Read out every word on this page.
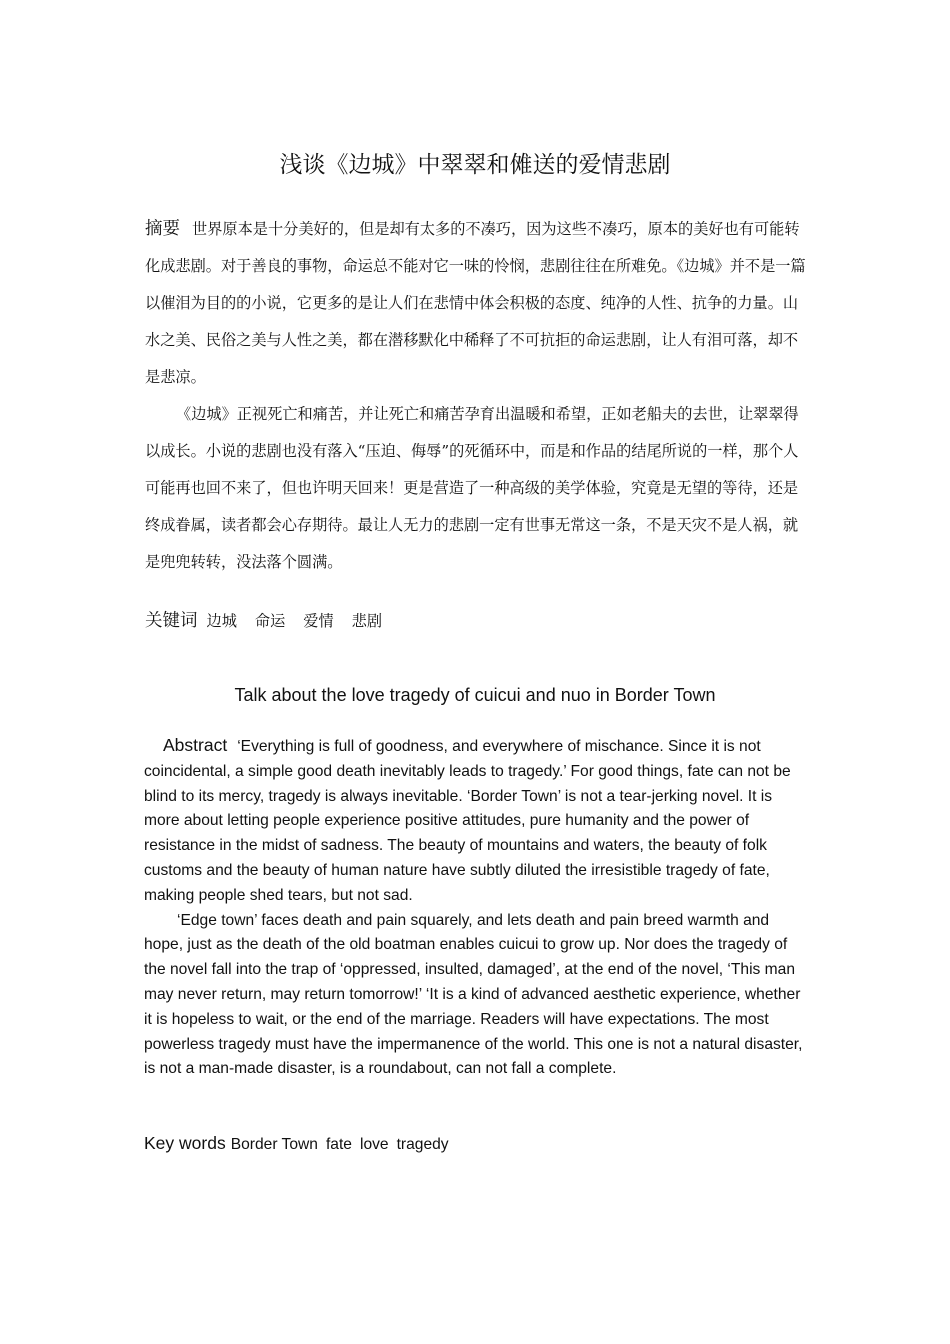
浅谈《边城》中翠翠和傩送的爱情悲剧

摘要 世界原本是十分美好的，但是却有太多的不凑巧，因为这些不凑巧，原本的美好也有可能转化成悲剧。对于善良的事物，命运总不能对它一味的怜悯，悲剧往往在所难免。《边城》并不是一篇以催泪为目的的小说，它更多的是让人们在悲情中体会积极的态度、纯净的人性、抗争的力量。山水之美、民俗之美与人性之美，都在潜移默化中稀释了不可抗拒的命运悲剧，让人有泪可落，却不是悲凉。

《边城》正视死亡和痛苦，并让死亡和痛苦孕育出温暖和希望，正如老船夫的去世，让翠翠得以成长。小说的悲剧也没有落入“压迫、侮辱”的死循环中，而是和作品的结尾所说的一样，那个人可能再也回不来了，但也许明天回来！更是营造了一种高级的美学体验，究竟是无望的等待，还是终成眷属，读者都会心存期待。最让人无力的悲剧一定有世事无常这一条，不是天灾不是人祸，就是兜兜转转，没法落个圆满。

关键词 边城 命运 爱情 悲剧
Talk about the love tragedy of cuicui and nuo in Border Town

Abstract ‘Everything is full of goodness, and everywhere of mischance. Since it is not coincidental, a simple good death inevitably leads to tragedy.’ For good things, fate can not be blind to its mercy, tragedy is always inevitable. ‘Border Town’ is not a tear-jerking novel. It is more about letting people experience positive attitudes, pure humanity and the power of resistance in the midst of sadness. The beauty of mountains and waters, the beauty of folk customs and the beauty of human nature have subtly diluted the irresistible tragedy of fate, making people shed tears, but not sad.

‘Edge town’ faces death and pain squarely, and lets death and pain breed warmth and hope, just as the death of the old boatman enables cuicui to grow up. Nor does the tragedy of the novel fall into the trap of ‘oppressed, insulted, damaged’, at the end of the novel, ‘This man may never return, may return tomorrow!’ ‘It is a kind of advanced aesthetic experience, whether it is hopeless to wait, or the end of the marriage. Readers will have expectations. The most powerless tragedy must have the impermanence of the world. This one is not a natural disaster, is not a man-made disaster, is a roundabout, can not fall a complete.

Key words Border Town fate love tragedy
